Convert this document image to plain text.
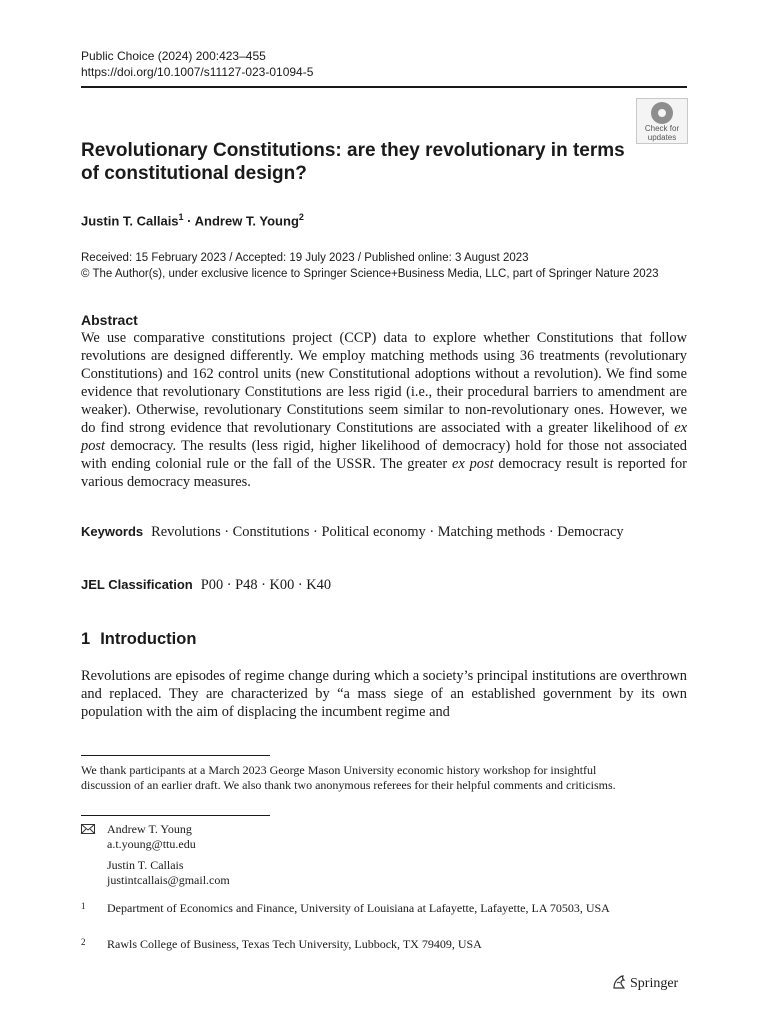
Public Choice (2024) 200:423–455
https://doi.org/10.1007/s11127-023-01094-5
Check for
updates
Revolutionary Constitutions: are they revolutionary in terms
of constitutional design?
Justin T. Callais$^1$ · Andrew T. Young$^2$
Received: 15 February 2023 / Accepted: 19 July 2023 / Published online: 3 August 2023
© The Author(s), under exclusive licence to Springer Science+Business Media, LLC, part of Springer Nature 2023
Abstract
We use comparative constitutions project (CCP) data to explore whether Constitutions that follow revolutions are designed differently. We employ matching methods using 36 treatments (revolutionary Constitutions) and 162 control units (new Constitutional adoptions without a revolution). We find some evidence that revolutionary Constitutions are less rigid (i.e., their procedural barriers to amendment are weaker). Otherwise, revolutionary Constitutions seem similar to non-revolutionary ones. However, we do find strong evidence that revolutionary Constitutions are associated with a greater likelihood of ex post democracy. The results (less rigid, higher likelihood of democracy) hold for those not associated with ending colonial rule or the fall of the USSR. The greater ex post democracy result is reported for various democracy measures.
Keywords Revolutions · Constitutions · Political economy · Matching methods · Democracy
JEL Classification P00 · P48 · K00 · K40
1 Introduction
Revolutions are episodes of regime change during which a society’s principal institutions are overthrown and replaced. They are characterized by “a mass siege of an established government by its own population with the aim of displacing the incumbent regime and
We thank participants at a March 2023 George Mason University economic history workshop for insightful discussion of an earlier draft. We also thank two anonymous referees for their helpful comments and criticisms.
Andrew T. Young
a.t.young@ttu.edu
Justin T. Callais
justintcallais@gmail.com
1 Department of Economics and Finance, University of Louisiana at Lafayette, Lafayette, LA 70503, USA
2 Rawls College of Business, Texas Tech University, Lubbock, TX 79409, USA
Springer
